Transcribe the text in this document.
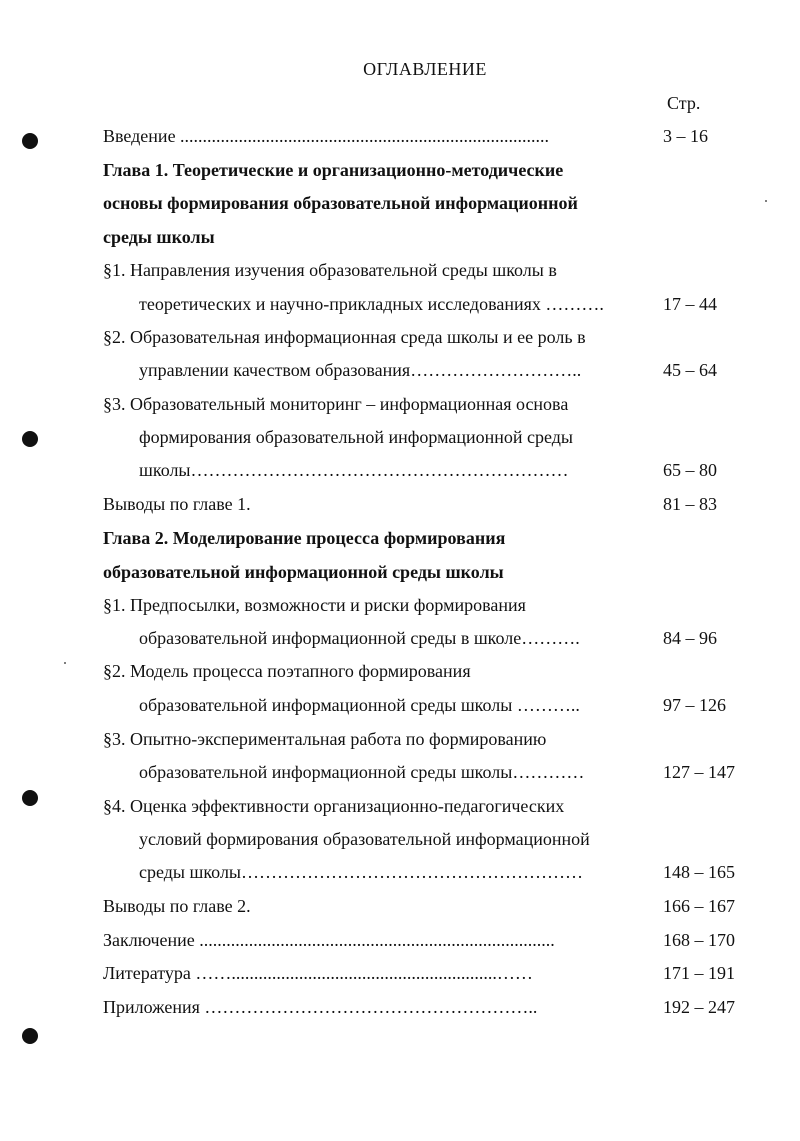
ОГЛАВЛЕНИЕ
Стр.
Введение ..................................................................................	3 – 16
Глава 1. Теоретические и организационно-методические
основы формирования образовательной информационной
среды школы
§1. Направления изучения образовательной среды школы в
теоретических и научно-прикладных исследованиях ……….	17 – 44
§2. Образовательная информационная среда школы и ее роль в
управлении качеством образования………………………..	45 – 64
§3. Образовательный мониторинг – информационная основа
формирования образовательной информационной среды
школы………………………………………………………	65 – 80
Выводы по главе 1.	81 – 83
Глава 2. Моделирование процесса формирования
образовательной информационной среды школы
§1. Предпосылки, возможности и риски формирования
образовательной информационной среды в школе……….	84 – 96
§2. Модель процесса поэтапного формирования
образовательной информационной среды школы ………..	97 – 126
§3. Опытно-экспериментальная работа по формированию
образовательной информационной среды школы…………	127 – 147
§4. Оценка эффективности организационно-педагогических
условий формирования образовательной информационной
среды школы…………………………………………………	148 – 165
Выводы по главе 2.	166 – 167
Заключение ...............................................................................	168 – 170
Литература ……...........................................................……	171 – 191
Приложения ………………………………………………..	192 – 247
